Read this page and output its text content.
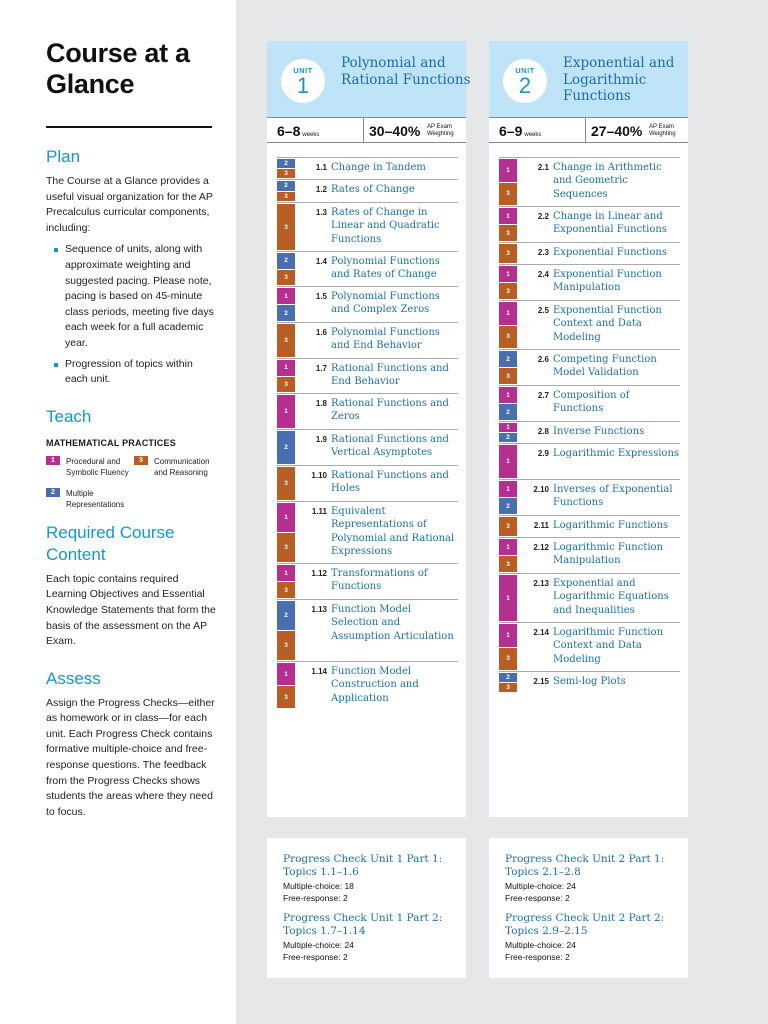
Course at a Glance
Plan
The Course at a Glance provides a useful visual organization for the AP Precalculus curricular components, including:
Sequence of units, along with approximate weighting and suggested pacing. Please note, pacing is based on 45-minute class periods, meeting five days each week for a full academic year.
Progression of topics within each unit.
Teach
MATHEMATICAL PRACTICES
1	Procedural and Symbolic Fluency
3	Communication and Reasoning
2	Multiple Representations
Required Course Content
Each topic contains required Learning Objectives and Essential Knowledge Statements that form the basis of the assessment on the AP Exam.
Assess
Assign the Progress Checks—either as homework or in class—for each unit. Each Progress Check contains formative multiple-choice and free-response questions. The feedback from the Progress Checks shows students the areas where they need to focus.
UNIT
1
Polynomial and Rational Functions
6–8 weeks	30–40% AP Exam Weighting
2
3
1.1 Change in Tandem
2
3
1.2 Rates of Change
3
1.3 Rates of Change in Linear and Quadratic Functions
2
3
1.4 Polynomial Functions and Rates of Change
1
2
1.5 Polynomial Functions and Complex Zeros
3
1.6 Polynomial Functions and End Behavior
1
3
1.7 Rational Functions and End Behavior
1
1.8 Rational Functions and Zeros
2
1.9 Rational Functions and Vertical Asymptotes
3
1.10 Rational Functions and Holes
1
3
1.11 Equivalent Representations of Polynomial and Rational Expressions
1
3
1.12 Transformations of Functions
2
3
1.13 Function Model Selection and Assumption Articulation
1
3
1.14 Function Model Construction and Application
UNIT
2
Exponential and Logarithmic Functions
6–9 weeks	27–40% AP Exam Weighting
1
3
2.1 Change in Arithmetic and Geometric Sequences
1
3
2.2 Change in Linear and Exponential Functions
3	2.3 Exponential Functions
1
3
2.4 Exponential Function Manipulation
1
3
2.5 Exponential Function Context and Data Modeling
2
3
2.6 Competing Function Model Validation
1
2
2.7 Composition of Functions
1
2
2.8 Inverse Functions
1
2.9 Logarithmic Expressions
1
2
2.10 Inverses of Exponential Functions
3	2.11 Logarithmic Functions
1
3
2.12 Logarithmic Function Manipulation
1
2.13 Exponential and Logarithmic Equations and Inequalities
1
3
2.14 Logarithmic Function Context and Data Modeling
2
3
2.15 Semi-log Plots
Progress Check Unit 1 Part 1: Topics 1.1–1.6
Multiple-choice: 18
Free-response: 2
Progress Check Unit 1 Part 2: Topics 1.7–1.14
Multiple-choice: 24
Free-response: 2
Progress Check Unit 2 Part 1: Topics 2.1–2.8
Multiple-choice: 24
Free-response: 2
Progress Check Unit 2 Part 2: Topics 2.9–2.15
Multiple-choice: 24
Free-response: 2
